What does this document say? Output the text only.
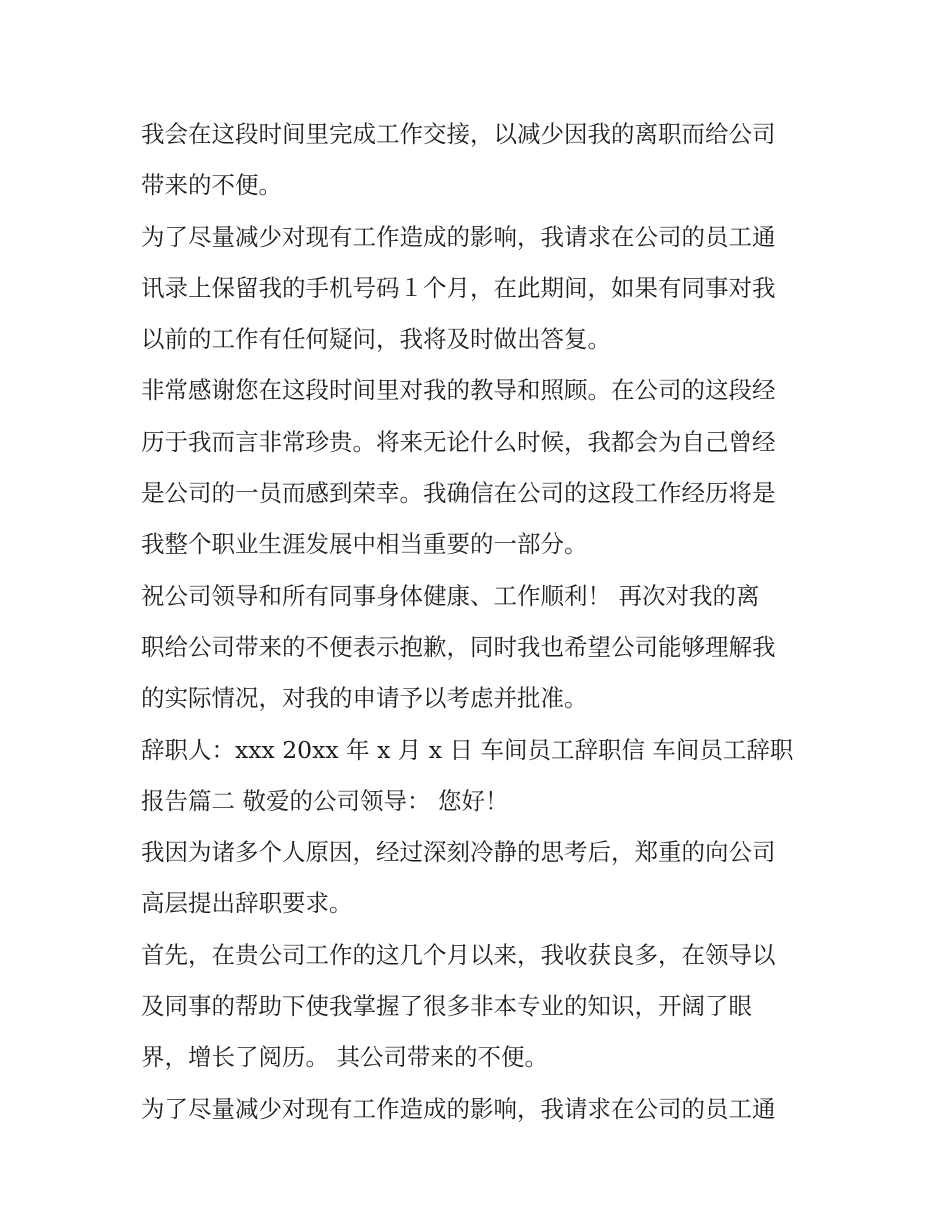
我会在这段时间里完成工作交接，以减少因我的离职而给公司
带来的不便。
为了尽量减少对现有工作造成的影响，我请求在公司的员工通
讯录上保留我的手机号码１个月，在此期间，如果有同事对我
以前的工作有任何疑问，我将及时做出答复。
非常感谢您在这段时间里对我的教导和照顾。在公司的这段经
历于我而言非常珍贵。将来无论什么时候，我都会为自己曾经
是公司的一员而感到荣幸。我确信在公司的这段工作经历将是
我整个职业生涯发展中相当重要的一部分。
祝公司领导和所有同事身体健康、工作顺利！ 再次对我的离
职给公司带来的不便表示抱歉，同时我也希望公司能够理解我
的实际情况，对我的申请予以考虑并批准。
辞职人：xxx 20xx 年 x 月 x 日 车间员工辞职信 车间员工辞职
报告篇二 敬爱的公司领导： 您好！
我因为诸多个人原因，经过深刻冷静的思考后，郑重的向公司
高层提出辞职要求。
首先，在贵公司工作的这几个月以来，我收获良多，在领导以
及同事的帮助下使我掌握了很多非本专业的知识，开阔了眼
界，增长了阅历。 其公司带来的不便。
为了尽量减少对现有工作造成的影响，我请求在公司的员工通
